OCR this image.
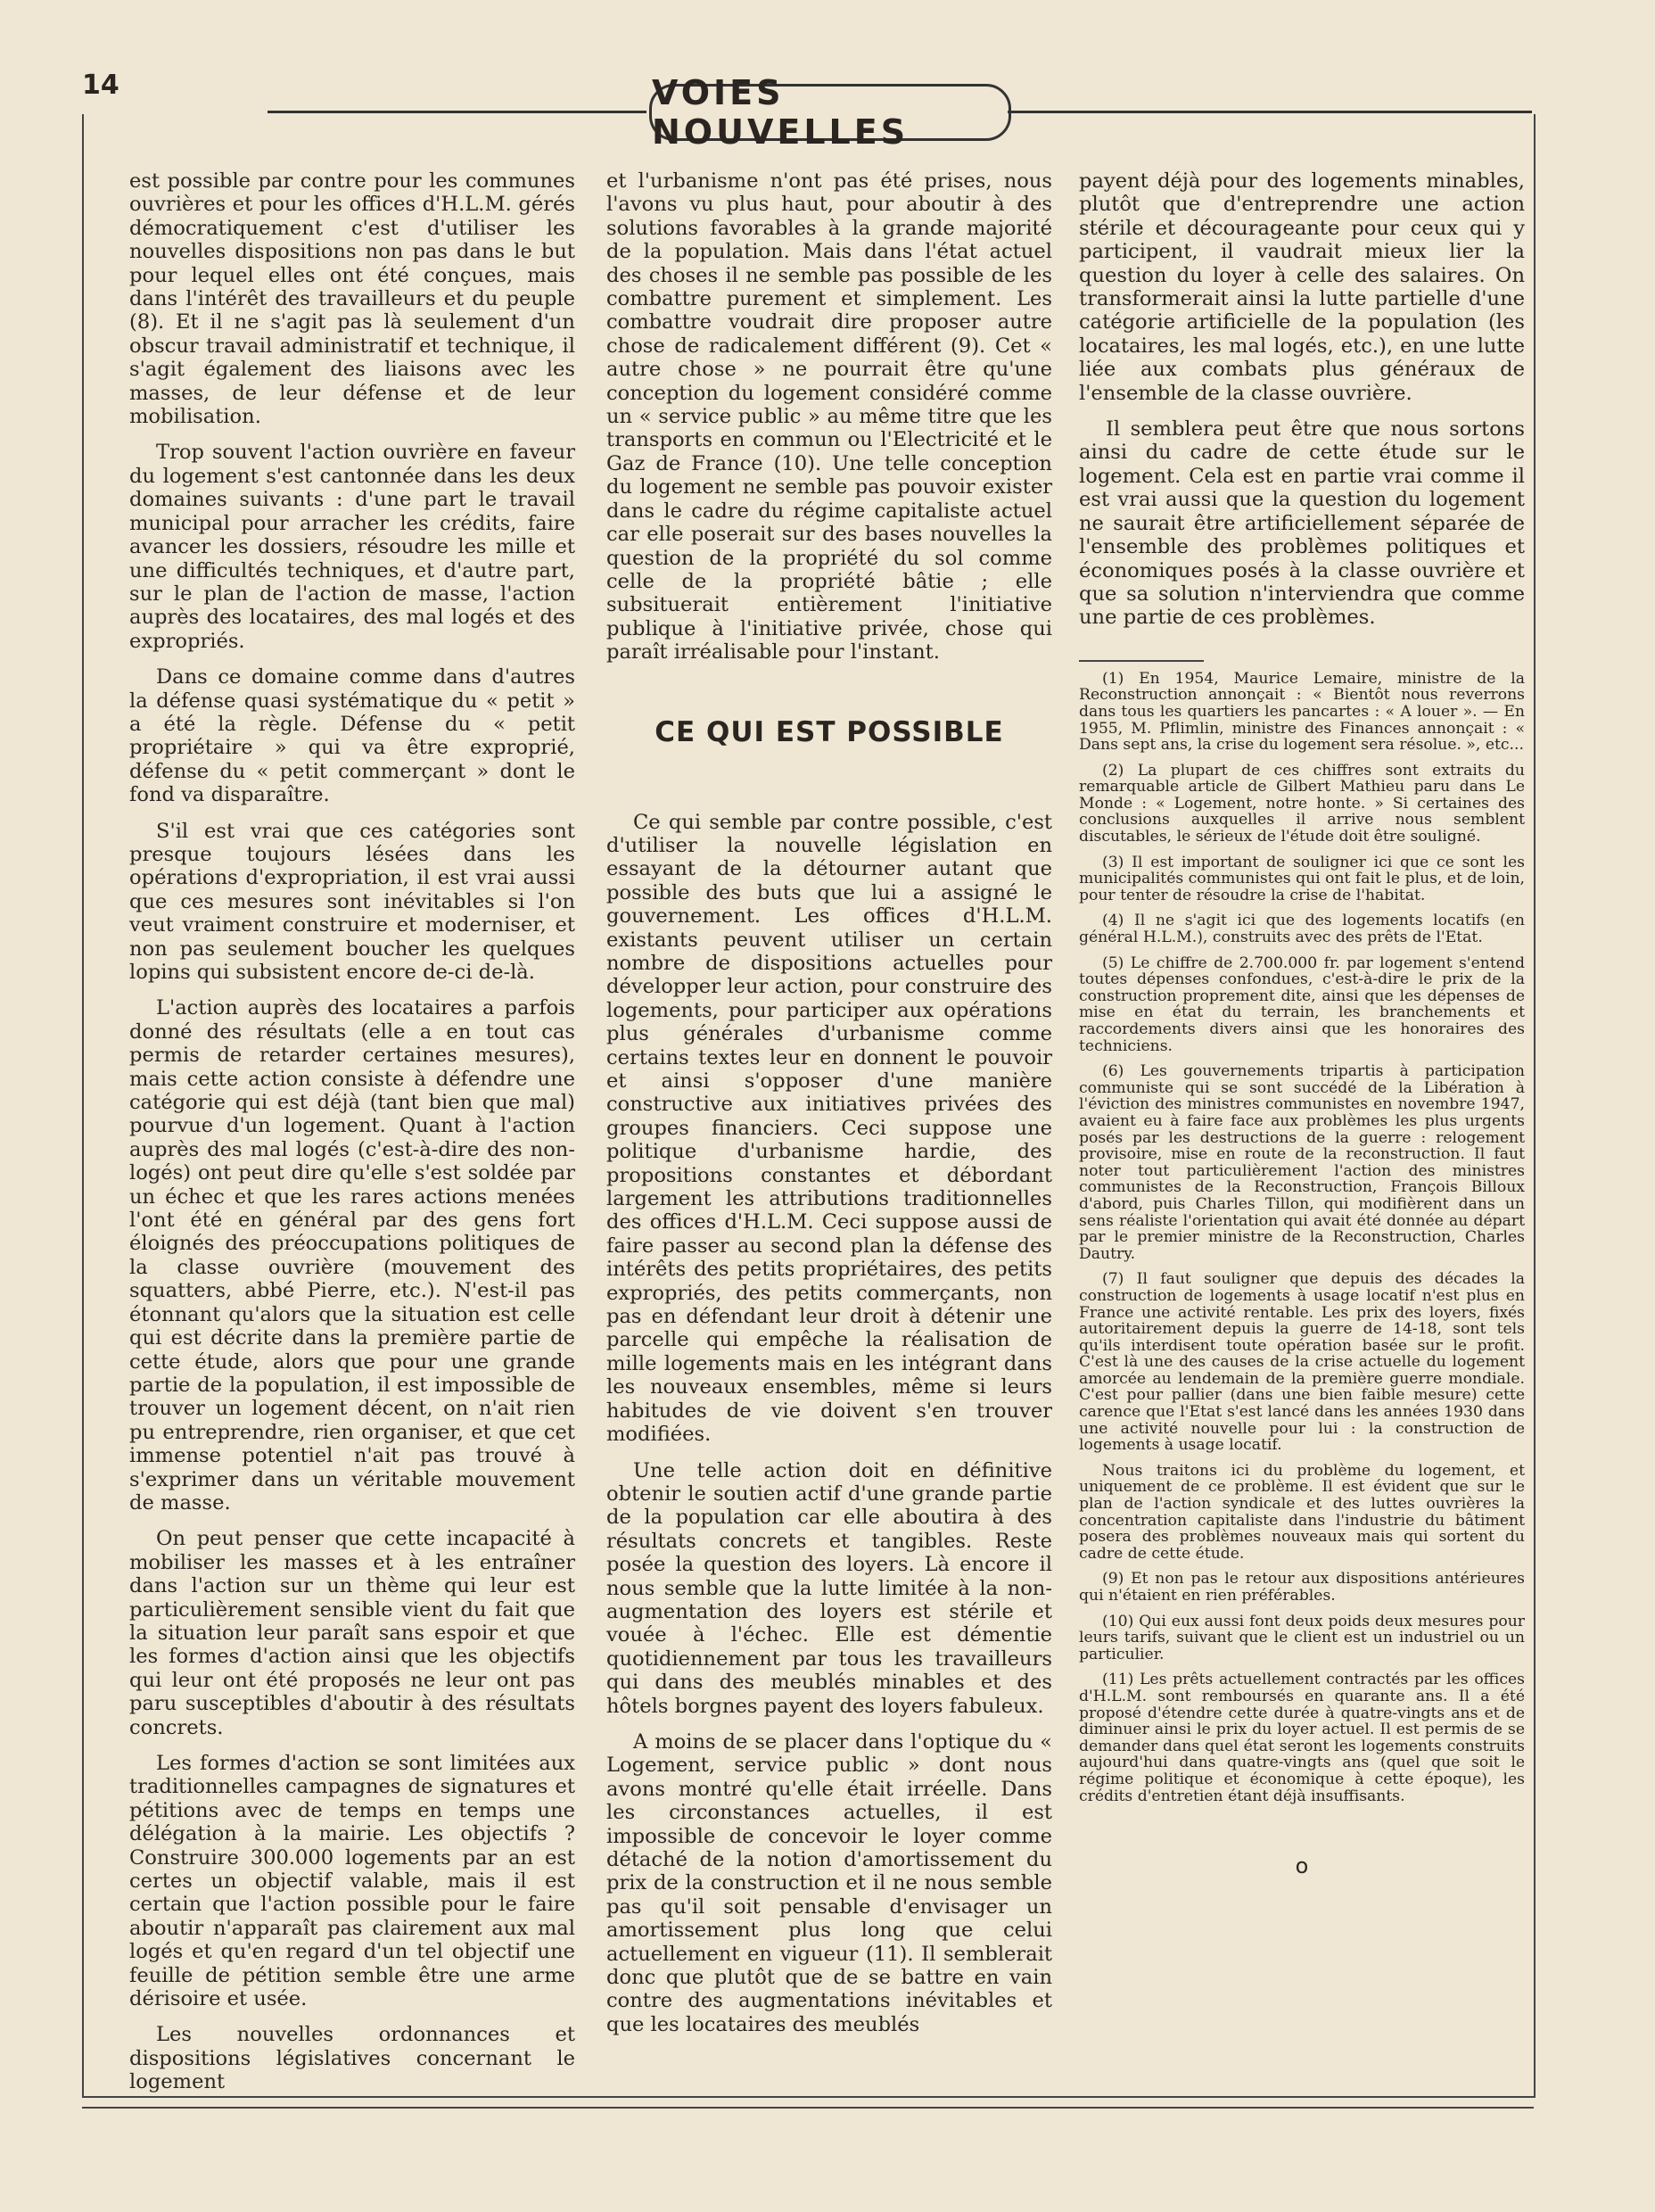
14	VOIES NOUVELLES

est possible par contre pour les communes ouvrières et pour les offices d'H.L.M. gérés démocratiquement c'est d'utiliser les nouvelles dispositions non pas dans le but pour lequel elles ont été conçues, mais dans l'intérêt des travailleurs et du peuple (8). Et il ne s'agit pas là seulement d'un obscur travail administratif et technique, il s'agit également des liaisons avec les masses, de leur défense et de leur mobilisation.

Trop souvent l'action ouvrière en faveur du logement s'est cantonnée dans les deux domaines suivants : d'une part le travail municipal pour arracher les crédits, faire avancer les dossiers, résoudre les mille et une difficultés techniques, et d'autre part, sur le plan de l'action de masse, l'action auprès des locataires, des mal logés et des expropriés.

Dans ce domaine comme dans d'autres la défense quasi systématique du « petit » a été la règle. Défense du « petit propriétaire » qui va être exproprié, défense du « petit commerçant » dont le fond va disparaître.

S'il est vrai que ces catégories sont presque toujours lésées dans les opérations d'expropriation, il est vrai aussi que ces mesures sont inévitables si l'on veut vraiment construire et moderniser, et non pas seulement boucher les quelques lopins qui subsistent encore de-ci de-là.

L'action auprès des locataires a parfois donné des résultats (elle a en tout cas permis de retarder certaines mesures), mais cette action consiste à défendre une catégorie qui est déjà (tant bien que mal) pourvue d'un logement. Quant à l'action auprès des mal logés (c'est-à-dire des non-logés) ont peut dire qu'elle s'est soldée par un échec et que les rares actions menées l'ont été en général par des gens fort éloignés des préoccupations politiques de la classe ouvrière (mouvement des squatters, abbé Pierre, etc.). N'est-il pas étonnant qu'alors que la situation est celle qui est décrite dans la première partie de cette étude, alors que pour une grande partie de la population, il est impossible de trouver un logement décent, on n'ait rien pu entreprendre, rien organiser, et que cet immense potentiel n'ait pas trouvé à s'exprimer dans un véritable mouvement de masse.

On peut penser que cette incapacité à mobiliser les masses et à les entraîner dans l'action sur un thème qui leur est particulièrement sensible vient du fait que la situation leur paraît sans espoir et que les formes d'action ainsi que les objectifs qui leur ont été proposés ne leur ont pas paru susceptibles d'aboutir à des résultats concrets.

Les formes d'action se sont limitées aux traditionnelles campagnes de signatures et pétitions avec de temps en temps une délégation à la mairie. Les objectifs ? Construire 300.000 logements par an est certes un objectif valable, mais il est certain que l'action possible pour le faire aboutir n'apparaît pas clairement aux mal logés et qu'en regard d'un tel objectif une feuille de pétition semble être une arme dérisoire et usée.

Les nouvelles ordonnances et dispositions législatives concernant le logement

et l'urbanisme n'ont pas été prises, nous l'avons vu plus haut, pour aboutir à des solutions favorables à la grande majorité de la population. Mais dans l'état actuel des choses il ne semble pas possible de les combattre purement et simplement. Les combattre voudrait dire proposer autre chose de radicalement différent (9). Cet « autre chose » ne pourrait être qu'une conception du logement considéré comme un « service public » au même titre que les transports en commun ou l'Electricité et le Gaz de France (10). Une telle conception du logement ne semble pas pouvoir exister dans le cadre du régime capitaliste actuel car elle poserait sur des bases nouvelles la question de la propriété du sol comme celle de la propriété bâtie ; elle subsituerait entièrement l'initiative publique à l'initiative privée, chose qui paraît irréalisable pour l'instant.

CE QUI EST POSSIBLE

Ce qui semble par contre possible, c'est d'utiliser la nouvelle législation en essayant de la détourner autant que possible des buts que lui a assigné le gouvernement. Les offices d'H.L.M. existants peuvent utiliser un certain nombre de dispositions actuelles pour développer leur action, pour construire des logements, pour participer aux opérations plus générales d'urbanisme comme certains textes leur en donnent le pouvoir et ainsi s'opposer d'une manière constructive aux initiatives privées des groupes financiers. Ceci suppose une politique d'urbanisme hardie, des propositions constantes et débordant largement les attributions traditionnelles des offices d'H.L.M. Ceci suppose aussi de faire passer au second plan la défense des intérêts des petits propriétaires, des petits expropriés, des petits commerçants, non pas en défendant leur droit à détenir une parcelle qui empêche la réalisation de mille logements mais en les intégrant dans les nouveaux ensembles, même si leurs habitudes de vie doivent s'en trouver modifiées.

Une telle action doit en définitive obtenir le soutien actif d'une grande partie de la population car elle aboutira à des résultats concrets et tangibles. Reste posée la question des loyers. Là encore il nous semble que la lutte limitée à la non-augmentation des loyers est stérile et vouée à l'échec. Elle est démentie quotidiennement par tous les travailleurs qui dans des meublés minables et des hôtels borgnes payent des loyers fabuleux.

A moins de se placer dans l'optique du « Logement, service public » dont nous avons montré qu'elle était irréelle. Dans les circonstances actuelles, il est impossible de concevoir le loyer comme détaché de la notion d'amortissement du prix de la construction et il ne nous semble pas qu'il soit pensable d'envisager un amortissement plus long que celui actuellement en vigueur (11). Il semblerait donc que plutôt que de se battre en vain contre des augmentations inévitables et que les locataires des meublés

payent déjà pour des logements minables, plutôt que d'entreprendre une action stérile et décourageante pour ceux qui y participent, il vaudrait mieux lier la question du loyer à celle des salaires. On transformerait ainsi la lutte partielle d'une catégorie artificielle de la population (les locataires, les mal logés, etc.), en une lutte liée aux combats plus généraux de l'ensemble de la classe ouvrière.

Il semblera peut être que nous sortons ainsi du cadre de cette étude sur le logement. Cela est en partie vrai comme il est vrai aussi que la question du logement ne saurait être artificiellement séparée de l'ensemble des problèmes politiques et économiques posés à la classe ouvrière et que sa solution n'interviendra que comme une partie de ces problèmes.

(1) En 1954, Maurice Lemaire, ministre de la Reconstruction annonçait : « Bientôt nous reverrons dans tous les quartiers les pancartes : « A louer ». — En 1955, M. Pflimlin, ministre des Finances annonçait : « Dans sept ans, la crise du logement sera résolue. », etc...

(2) La plupart de ces chiffres sont extraits du remarquable article de Gilbert Mathieu paru dans Le Monde : « Logement, notre honte. » Si certaines des conclusions auxquelles il arrive nous semblent discutables, le sérieux de l'étude doit être souligné.

(3) Il est important de souligner ici que ce sont les municipalités communistes qui ont fait le plus, et de loin, pour tenter de résoudre la crise de l'habitat.

(4) Il ne s'agit ici que des logements locatifs (en général H.L.M.), construits avec des prêts de l'Etat.

(5) Le chiffre de 2.700.000 fr. par logement s'entend toutes dépenses confondues, c'est-à-dire le prix de la construction proprement dite, ainsi que les dépenses de mise en état du terrain, les branchements et raccordements divers ainsi que les honoraires des techniciens.

(6) Les gouvernements tripartis à participation communiste qui se sont succédé de la Libération à l'éviction des ministres communistes en novembre 1947, avaient eu à faire face aux problèmes les plus urgents posés par les destructions de la guerre : relogement provisoire, mise en route de la reconstruction. Il faut noter tout particulièrement l'action des ministres communistes de la Reconstruction, François Billoux d'abord, puis Charles Tillon, qui modifièrent dans un sens réaliste l'orientation qui avait été donnée au départ par le premier ministre de la Reconstruction, Charles Dautry.

(7) Il faut souligner que depuis des décades la construction de logements à usage locatif n'est plus en France une activité rentable. Les prix des loyers, fixés autoritairement depuis la guerre de 14-18, sont tels qu'ils interdisent toute opération basée sur le profit. C'est là une des causes de la crise actuelle du logement amorcée au lendemain de la première guerre mondiale. C'est pour pallier (dans une bien faible mesure) cette carence que l'Etat s'est lancé dans les années 1930 dans une activité nouvelle pour lui : la construction de logements à usage locatif.

Nous traitons ici du problème du logement, et uniquement de ce problème. Il est évident que sur le plan de l'action syndicale et des luttes ouvrières la concentration capitaliste dans l'industrie du bâtiment posera des problèmes nouveaux mais qui sortent du cadre de cette étude.

(9) Et non pas le retour aux dispositions antérieures qui n'étaient en rien préférables.

(10) Qui eux aussi font deux poids deux mesures pour leurs tarifs, suivant que le client est un industriel ou un particulier.

(11) Les prêts actuellement contractés par les offices d'H.L.M. sont remboursés en quarante ans. Il a été proposé d'étendre cette durée à quatre-vingts ans et de diminuer ainsi le prix du loyer actuel. Il est permis de se demander dans quel état seront les logements construits aujourd'hui dans quatre-vingts ans (quel que soit le régime politique et économique à cette époque), les crédits d'entretien étant déjà insuffisants.

o
